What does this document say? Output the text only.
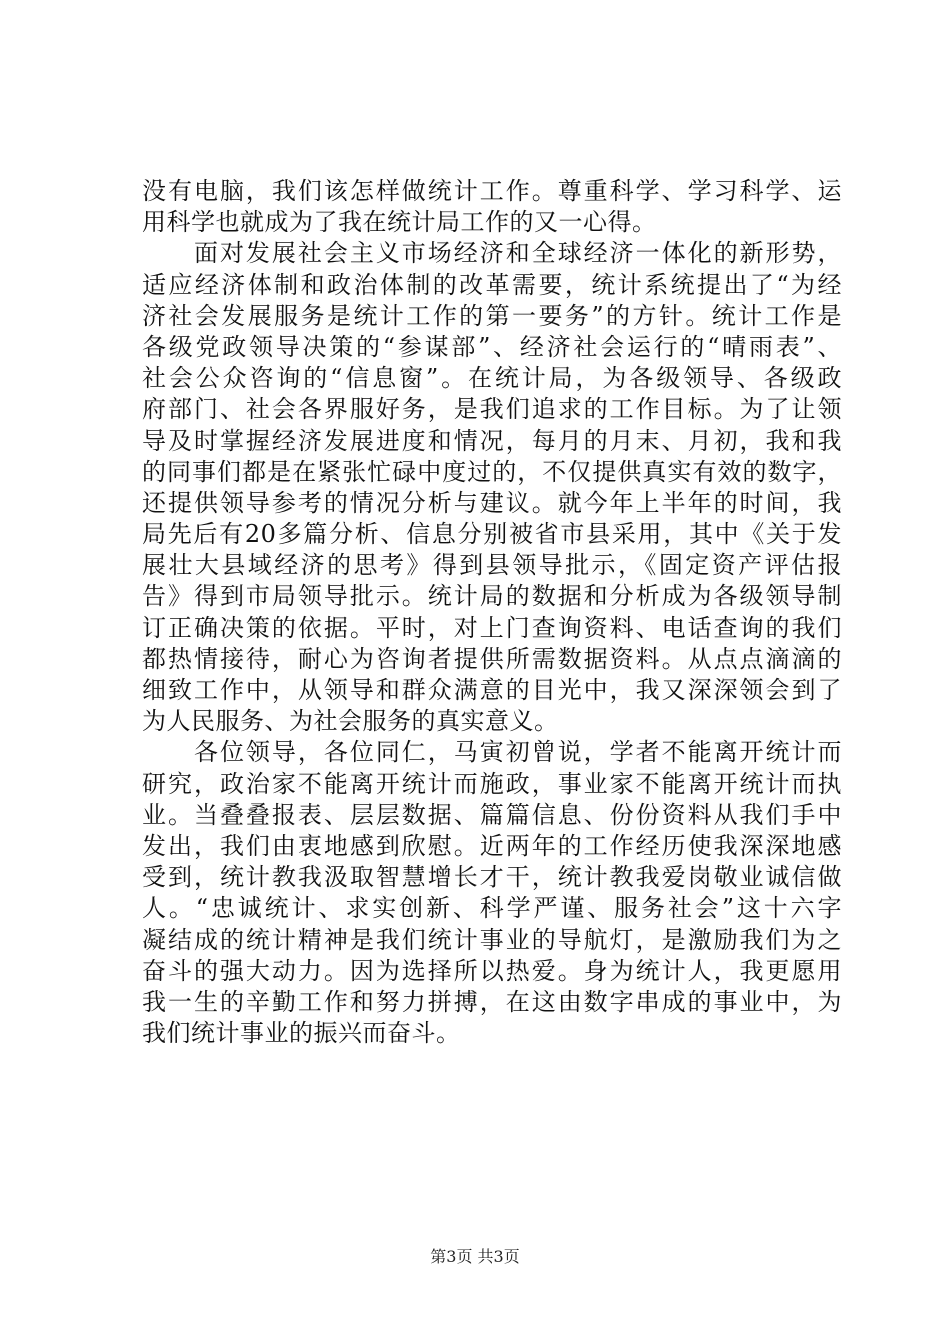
没有电脑，我们该怎样做统计工作。尊重科学、学习科学、运
用科学也就成为了我在统计局工作的又一心得。
　　面对发展社会主义市场经济和全球经济一体化的新形势，
适应经济体制和政治体制的改革需要，统计系统提出了“为经
济社会发展服务是统计工作的第一要务”的方针。统计工作是
各级党政领导决策的“参谋部”、经济社会运行的“晴雨表”、
社会公众咨询的“信息窗”。在统计局，为各级领导、各级政
府部门、社会各界服好务，是我们追求的工作目标。为了让领
导及时掌握经济发展进度和情况，每月的月末、月初，我和我
的同事们都是在紧张忙碌中度过的，不仅提供真实有效的数字，
还提供领导参考的情况分析与建议。就今年上半年的时间，我
局先后有20多篇分析、信息分别被省市县采用，其中《关于发
展壮大县域经济的思考》得到县领导批示，《固定资产评估报
告》得到市局领导批示。统计局的数据和分析成为各级领导制
订正确决策的依据。平时，对上门查询资料、电话查询的我们
都热情接待，耐心为咨询者提供所需数据资料。从点点滴滴的
细致工作中，从领导和群众满意的目光中，我又深深领会到了
为人民服务、为社会服务的真实意义。
　　各位领导，各位同仁，马寅初曾说，学者不能离开统计而
研究，政治家不能离开统计而施政，事业家不能离开统计而执
业。当叠叠报表、层层数据、篇篇信息、份份资料从我们手中
发出，我们由衷地感到欣慰。近两年的工作经历使我深深地感
受到，统计教我汲取智慧增长才干，统计教我爱岗敬业诚信做
人。“忠诚统计、求实创新、科学严谨、服务社会”这十六字
凝结成的统计精神是我们统计事业的导航灯，是激励我们为之
奋斗的强大动力。因为选择所以热爱。身为统计人，我更愿用
我一生的辛勤工作和努力拼搏，在这由数字串成的事业中，为
我们统计事业的振兴而奋斗。
第3页 共3页
